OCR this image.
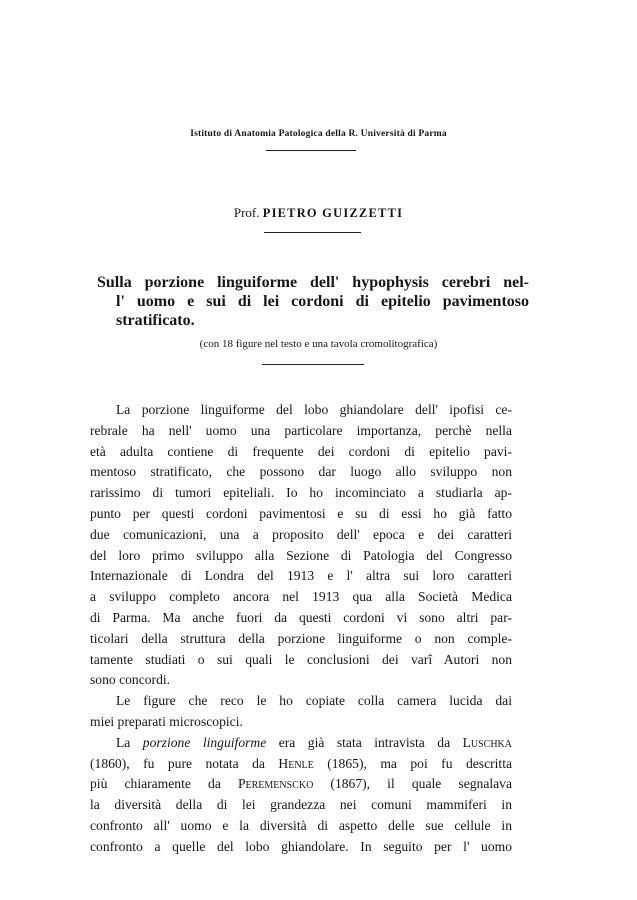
Istituto di Anatomia Patologica della R. Università di Parma
Prof. PIETRO GUIZZETTI
Sulla porzione linguiforme dell' hypophysis cerebri nel-
l' uomo e sui di lei cordoni di epitelio pavimentoso
stratificato.
(con 18 figure nel testo e una tavola cromolitografica)
La porzione linguiforme del lobo ghiandolare dell' ipofisi ce-
rebrale ha nell' uomo una particolare importanza, perchè nella
età adulta contiene di frequente dei cordoni di epitelio pavi-
mentoso stratificato, che possono dar luogo allo sviluppo non
rarissimo di tumori epiteliali. Io ho incominciato a studiarla ap-
punto per questi cordoni pavimentosi e su di essi ho già fatto
due comunicazioni, una a proposito dell' epoca e dei caratteri
del loro primo sviluppo alla Sezione di Patologia del Congresso
Internazionale di Londra del 1913 e l' altra sui loro caratteri
a sviluppo completo ancora nel 1913 qua alla Società Medica
di Parma. Ma anche fuori da questi cordoni vi sono altri par-
ticolari della struttura della porzione linguiforme o non comple-
tamente studiati o sui quali le conclusioni dei varî Autori non
sono concordi.
Le figure che reco le ho copiate colla camera lucida dai
miei preparati microscopici.
La porzione linguiforme era già stata intravista da Luschka
(1860), fu pure notata da Henle (1865), ma poi fu descritta
più chiaramente da Peremenscko (1867), il quale segnalava
la diversità della di lei grandezza nei comuni mammiferi in
confronto all' uomo e la diversità di aspetto delle sue cellule in
confronto a quelle del lobo ghiandolare. In seguito per l' uomo
